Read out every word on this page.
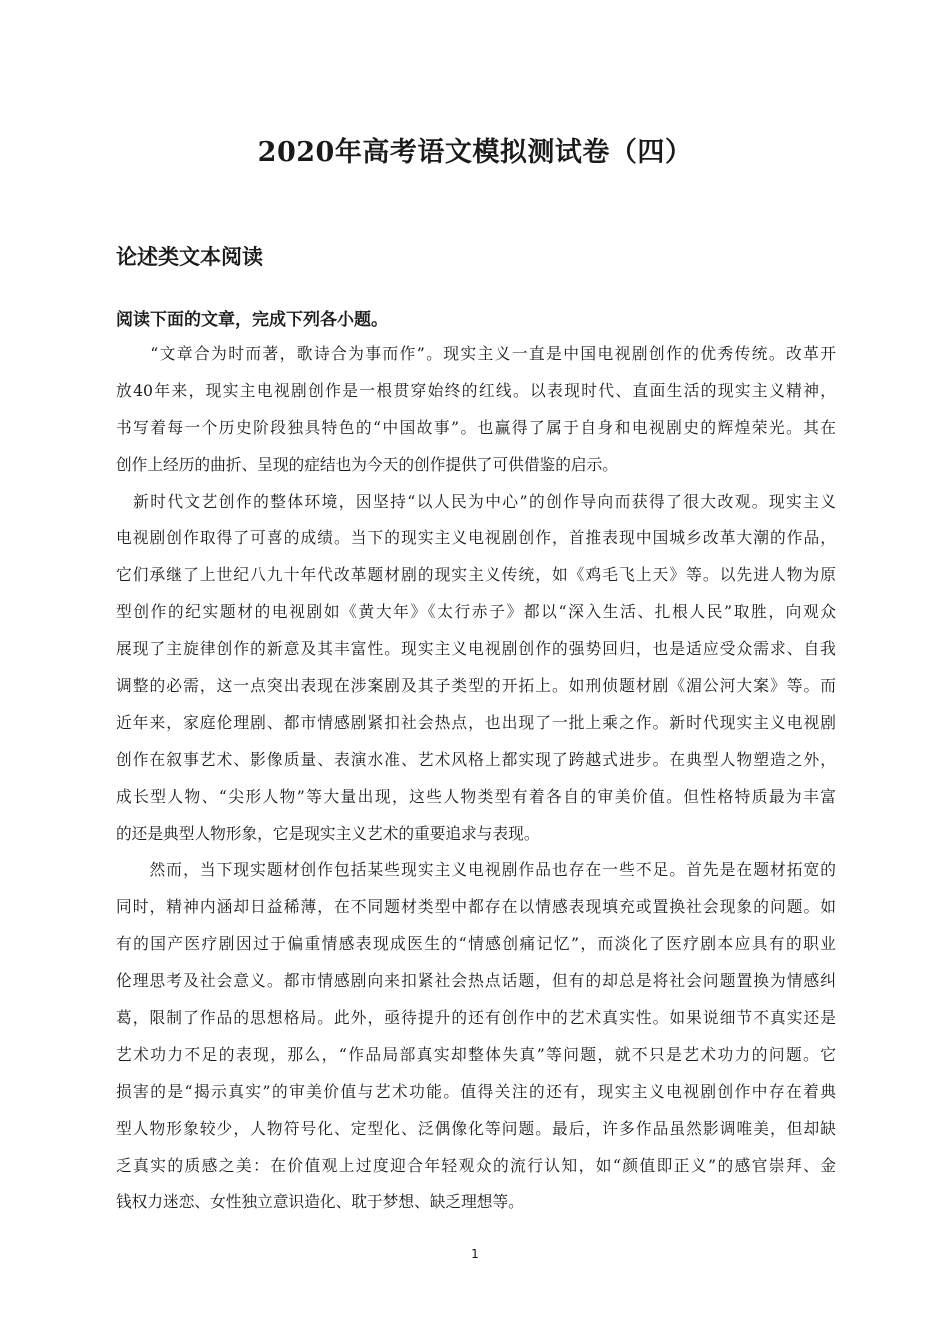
2020年高考语文模拟测试卷（四）
论述类文本阅读
阅读下面的文章，完成下列各小题。
　　“文章合为时而著，歌诗合为事而作”。现实主义一直是中国电视剧创作的优秀传统。改革开
放40年来，现实主电视剧创作是一根贯穿始终的红线。以表现时代、直面生活的现实主义精神，
书写着每一个历史阶段独具特色的“中国故事”。也赢得了属于自身和电视剧史的辉煌荣光。其在
创作上经历的曲折、呈现的症结也为今天的创作提供了可供借鉴的启示。
　新时代文艺创作的整体环境，因坚持“以人民为中心”的创作导向而获得了很大改观。现实主义
电视剧创作取得了可喜的成绩。当下的现实主义电视剧创作，首推表现中国城乡改革大潮的作品，
它们承继了上世纪八九十年代改革题材剧的现实主义传统，如《鸡毛飞上天》等。以先进人物为原
型创作的纪实题材的电视剧如《黄大年》《太行赤子》都以“深入生活、扎根人民”取胜，向观众
展现了主旋律创作的新意及其丰富性。现实主义电视剧创作的强势回归，也是适应受众需求、自我
调整的必需，这一点突出表现在涉案剧及其子类型的开拓上。如刑侦题材剧《湄公河大案》等。而
近年来，家庭伦理剧、都市情感剧紧扣社会热点，也出现了一批上乘之作。新时代现实主义电视剧
创作在叙事艺术、影像质量、表演水准、艺术风格上都实现了跨越式进步。在典型人物塑造之外，
成长型人物、“尖形人物”等大量出现，这些人物类型有着各自的审美价值。但性格特质最为丰富
的还是典型人物形象，它是现实主义艺术的重要追求与表现。
　　然而，当下现实题材创作包括某些现实主义电视剧作品也存在一些不足。首先是在题材拓宽的
同时，精神内涵却日益稀薄，在不同题材类型中都存在以情感表现填充或置换社会现象的问题。如
有的国产医疗剧因过于偏重情感表现成医生的“情感创痛记忆”，而淡化了医疗剧本应具有的职业
伦理思考及社会意义。都市情感剧向来扣紧社会热点话题，但有的却总是将社会问题置换为情感纠
葛，限制了作品的思想格局。此外，亟待提升的还有创作中的艺术真实性。如果说细节不真实还是
艺术功力不足的表现，那么，“作品局部真实却整体失真”等问题，就不只是艺术功力的问题。它
损害的是“揭示真实”的审美价值与艺术功能。值得关注的还有，现实主义电视剧创作中存在着典
型人物形象较少，人物符号化、定型化、泛偶像化等问题。最后，许多作品虽然影调唯美，但却缺
乏真实的质感之美：在价值观上过度迎合年轻观众的流行认知，如“颜值即正义”的感官崇拜、金
钱权力迷恋、女性独立意识造化、耽于梦想、缺乏理想等。
1
